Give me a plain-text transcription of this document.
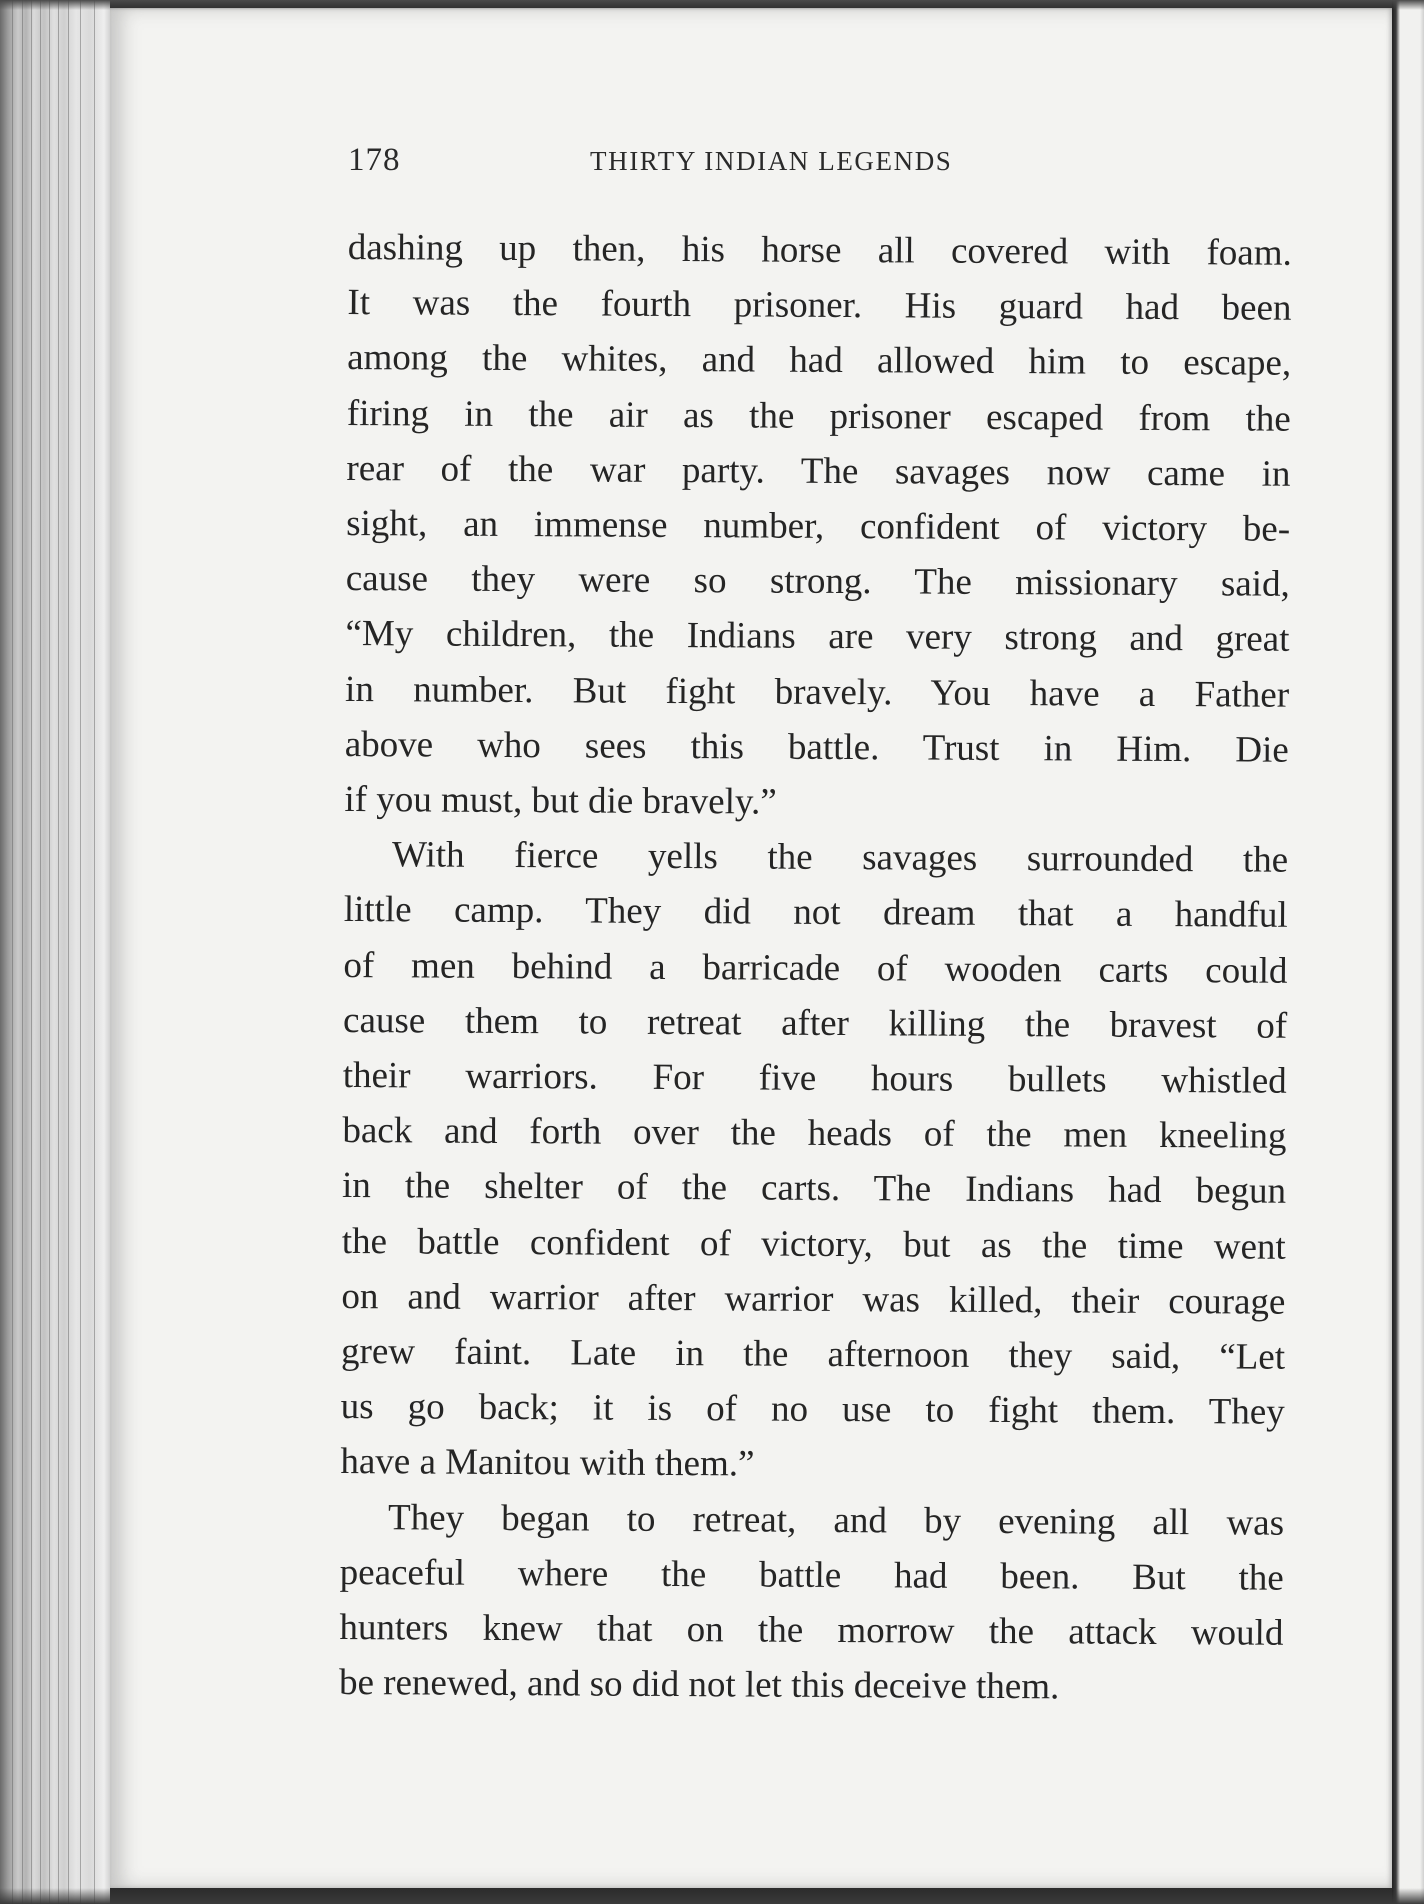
178	THIRTY INDIAN LEGENDS

dashing up then, his horse all covered with foam.
It was the fourth prisoner. His guard had been
among the whites, and had allowed him to escape,
firing in the air as the prisoner escaped from the
rear of the war party. The savages now came in
sight, an immense number, confident of victory be-
cause they were so strong. The missionary said,
“My children, the Indians are very strong and great
in number. But fight bravely. You have a Father
above who sees this battle. Trust in Him. Die
if you must, but die bravely.”

With fierce yells the savages surrounded the
little camp. They did not dream that a handful
of men behind a barricade of wooden carts could
cause them to retreat after killing the bravest of
their warriors. For five hours bullets whistled
back and forth over the heads of the men kneeling
in the shelter of the carts. The Indians had begun
the battle confident of victory, but as the time went
on and warrior after warrior was killed, their courage
grew faint. Late in the afternoon they said, “Let
us go back; it is of no use to fight them. They
have a Manitou with them.”

They began to retreat, and by evening all was
peaceful where the battle had been. But the
hunters knew that on the morrow the attack would
be renewed, and so did not let this deceive them.
